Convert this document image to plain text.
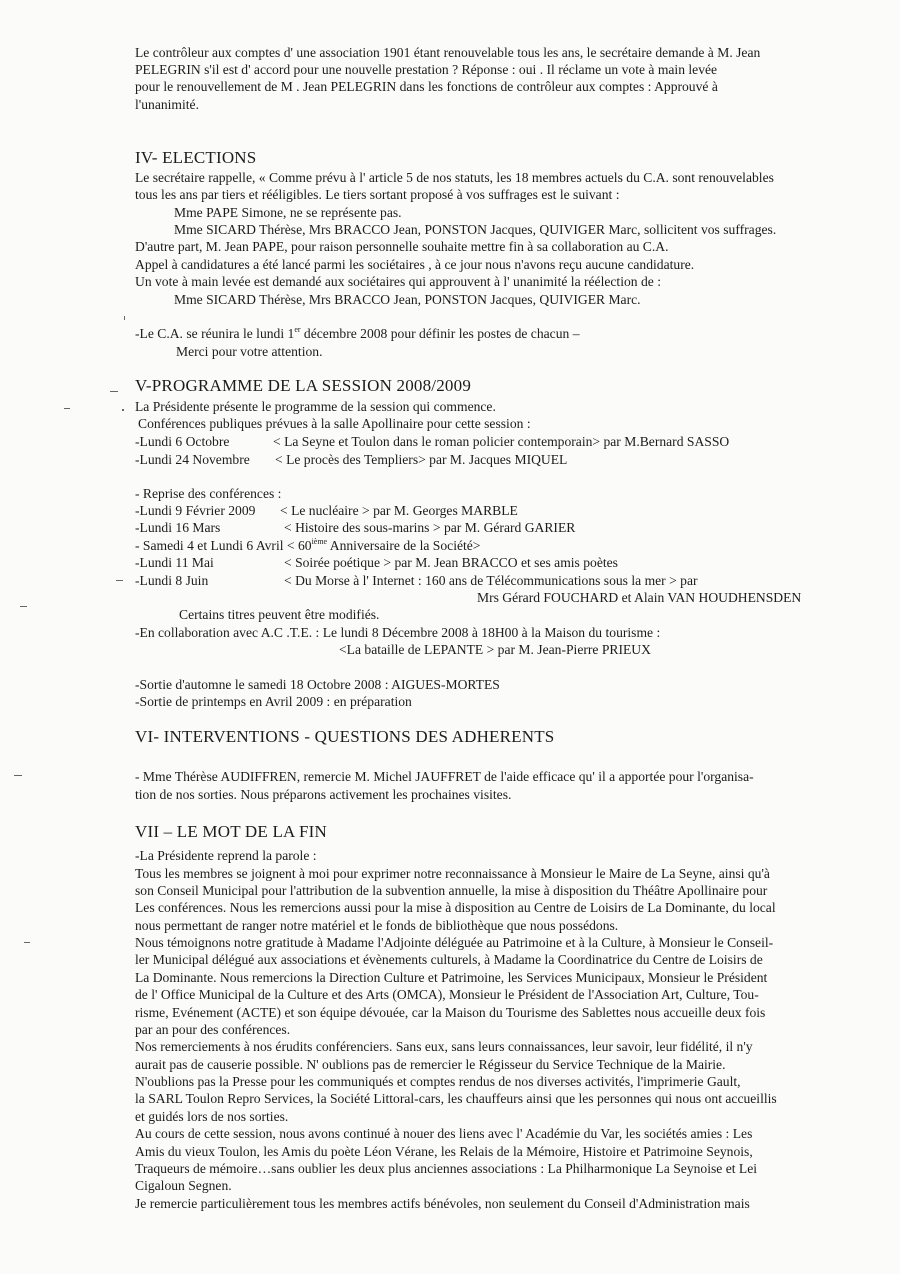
Le contrôleur aux comptes d' une association 1901 étant renouvelable tous les ans, le secrétaire demande à M. Jean
PELEGRIN s'il est d' accord pour une nouvelle prestation ? Réponse : oui . Il réclame un vote à main levée
pour le renouvellement de M . Jean PELEGRIN dans les fonctions de contrôleur aux comptes : Approuvé à
l'unanimité.
IV- ELECTIONS
Le secrétaire rappelle, « Comme prévu à l' article 5 de nos statuts, les 18 membres actuels du C.A. sont renouvelables
tous les ans par tiers et rééligibles. Le tiers sortant proposé à vos suffrages est le suivant :
Mme PAPE Simone, ne se représente pas.
Mme SICARD Thérèse, Mrs BRACCO Jean, PONSTON Jacques, QUIVIGER Marc, sollicitent vos suffrages.
D'autre part, M. Jean PAPE, pour raison personnelle souhaite mettre fin à sa collaboration au C.A.
Appel à candidatures a été lancé parmi les sociétaires , à ce jour nous n'avons reçu aucune candidature.
Un vote à main levée est demandé aux sociétaires qui approuvent à l' unanimité la réélection de :
Mme SICARD Thérèse, Mrs BRACCO Jean, PONSTON Jacques, QUIVIGER Marc.
-Le C.A. se réunira le lundi 1er décembre 2008 pour définir les postes de chacun –
Merci pour votre attention.
V-PROGRAMME DE LA SESSION 2008/2009
La Présidente présente le programme de la session qui commence.
Conférences publiques prévues à la salle Apollinaire pour cette session :
-Lundi 6 Octobre	< La Seyne et Toulon dans le roman policier contemporain> par M.Bernard SASSO
-Lundi 24 Novembre < Le procès des Templiers> par M. Jacques MIQUEL
- Reprise des conférences :
-Lundi 9 Février 2009 < Le nucléaire > par M. Georges MARBLE
-Lundi 16 Mars	< Histoire des sous-marins > par M. Gérard GARIER
- Samedi 4 et Lundi 6 Avril < 60ième Anniversaire de la Société>
-Lundi 11 Mai	< Soirée poétique > par M. Jean BRACCO et ses amis poètes
-Lundi 8 Juin	< Du Morse à l' Internet : 160 ans de Télécommunications sous la mer > par
Mrs Gérard FOUCHARD et Alain VAN HOUDHENSDEN
Certains titres peuvent être modifiés.
-En collaboration avec A.C .T.E. : Le lundi 8 Décembre 2008 à 18H00 à la Maison du tourisme :
<La bataille de LEPANTE > par M. Jean-Pierre PRIEUX
-Sortie d'automne le samedi 18 Octobre 2008 : AIGUES-MORTES
-Sortie de printemps en Avril 2009 : en préparation
VI- INTERVENTIONS - QUESTIONS DES ADHERENTS
- Mme Thérèse AUDIFFREN, remercie M. Michel JAUFFRET de l'aide efficace qu' il a apportée pour l'organisa-
tion de nos sorties. Nous préparons activement les prochaines visites.
VII – LE MOT DE LA FIN
-La Présidente reprend la parole :
Tous les membres se joignent à moi pour exprimer notre reconnaissance à Monsieur le Maire de La Seyne, ainsi qu'à
son Conseil Municipal pour l'attribution de la subvention annuelle, la mise à disposition du Théâtre Apollinaire pour
Les conférences. Nous les remercions aussi pour la mise à disposition au Centre de Loisirs de La Dominante, du local
nous permettant de ranger notre matériel et le fonds de bibliothèque que nous possédons.
Nous témoignons notre gratitude à Madame l'Adjointe déléguée au Patrimoine et à la Culture, à Monsieur le Conseil-
ler Municipal délégué aux associations et évènements culturels, à Madame la Coordinatrice du Centre de Loisirs de
La Dominante. Nous remercions la Direction Culture et Patrimoine, les Services Municipaux, Monsieur le Président
de l' Office Municipal de la Culture et des Arts (OMCA), Monsieur le Président de l'Association Art, Culture, Tou-
risme, Evénement (ACTE) et son équipe dévouée, car la Maison du Tourisme des Sablettes nous accueille deux fois
par an pour des conférences.
Nos remerciements à nos érudits conférenciers. Sans eux, sans leurs connaissances, leur savoir, leur fidélité, il n'y
aurait pas de causerie possible. N' oublions pas de remercier le Régisseur du Service Technique de la Mairie.
N'oublions pas la Presse pour les communiqués et comptes rendus de nos diverses activités, l'imprimerie Gault,
la SARL Toulon Repro Services, la Société Littoral-cars, les chauffeurs ainsi que les personnes qui nous ont accueillis
et guidés lors de nos sorties.
Au cours de cette session, nous avons continué à nouer des liens avec l' Académie du Var, les sociétés amies : Les
Amis du vieux Toulon, les Amis du poète Léon Vérane, les Relais de la Mémoire, Histoire et Patrimoine Seynois,
Traqueurs de mémoire…sans oublier les deux plus anciennes associations : La Philharmonique La Seynoise et Lei
Cigaloun Segnen.
Je remercie particulièrement tous les membres actifs bénévoles, non seulement du Conseil d'Administration mais
